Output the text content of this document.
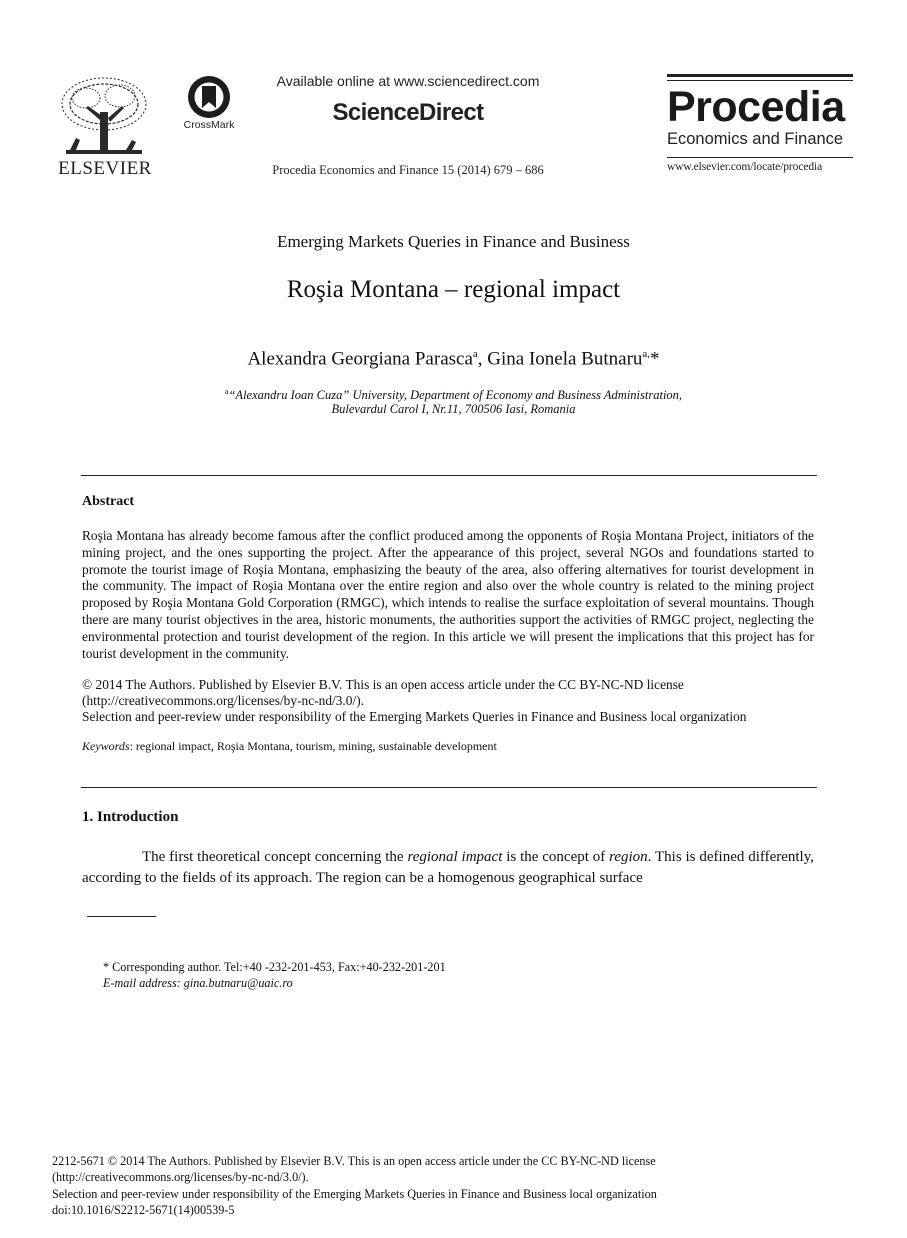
ELSEVIER
CrossMark
Available online at www.sciencedirect.com
ScienceDirect
Procedia Economics and Finance 15 (2014) 679 – 686
Procedia
Economics and Finance
www.elsevier.com/locate/procedia
Emerging Markets Queries in Finance and Business
Roşia Montana – regional impact
Alexandra Georgiana Parasca$^a$, Gina Ionela Butnaru$^{a,}$*
$^a$“Alexandru Ioan Cuza” University, Department of Economy and Business Administration,
Bulevardul Carol I, Nr.11, 700506 Iasi, Romania
Abstract
Roşia Montana has already become famous after the conflict produced among the opponents of Roşia Montana Project, initiators of the mining project, and the ones supporting the project. After the appearance of this project, several NGOs and foundations started to promote the tourist image of Roşia Montana, emphasizing the beauty of the area, also offering alternatives for tourist development in the community. The impact of Roşia Montana over the entire region and also over the whole country is related to the mining project proposed by Roşia Montana Gold Corporation (RMGC), which intends to realise the surface exploitation of several mountains. Though there are many tourist objectives in the area, historic monuments, the authorities support the activities of RMGC project, neglecting the environmental protection and tourist development of the region. In this article we will present the implications that this project has for tourist development in the community.
© 2014 The Authors. Published by Elsevier B.V. This is an open access article under the CC BY-NC-ND license
(http://creativecommons.org/licenses/by-nc-nd/3.0/).
Selection and peer-review under responsibility of the Emerging Markets Queries in Finance and Business local organization
Keywords: regional impact, Roşia Montana, tourism, mining, sustainable development
1. Introduction
The first theoretical concept concerning the regional impact is the concept of region. This is defined differently, according to the fields of its approach. The region can be a homogenous geographical surface
* Corresponding author. Tel:+40 -232-201-453, Fax:+40-232-201-201
E-mail address: gina.butnaru@uaic.ro
2212-5671 © 2014 The Authors. Published by Elsevier B.V. This is an open access article under the CC BY-NC-ND license
(http://creativecommons.org/licenses/by-nc-nd/3.0/).
Selection and peer-review under responsibility of the Emerging Markets Queries in Finance and Business local organization
doi:10.1016/S2212-5671(14)00539-5
